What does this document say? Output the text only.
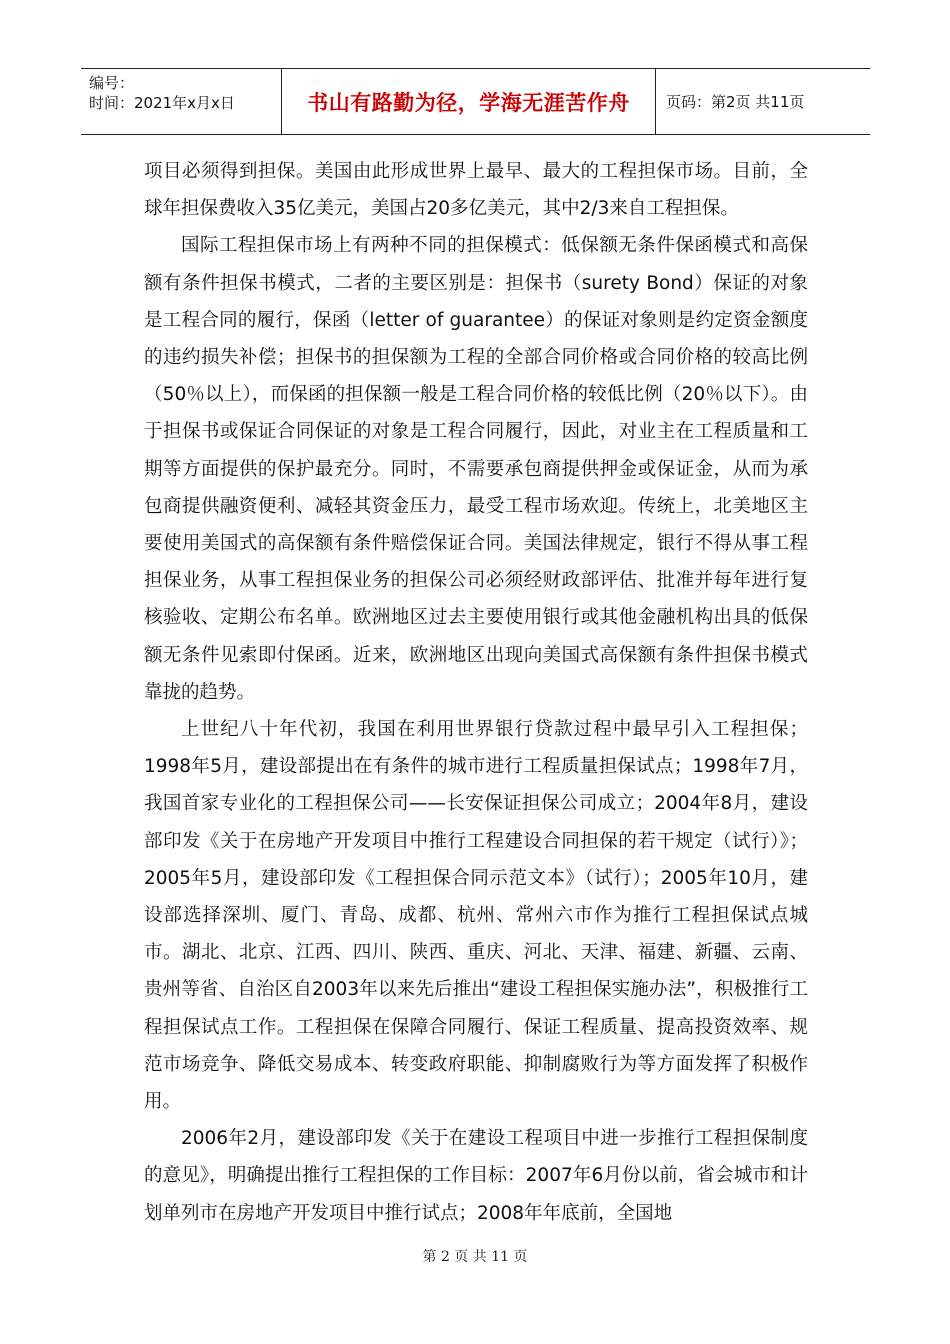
编号：
时间：2021年x月x日	书山有路勤为径，学海无涯苦作舟	页码：第2页 共11页

项目必须得到担保。美国由此形成世界上最早、最大的工程担保市场。目前，全球年担保费收入35亿美元，美国占20多亿美元，其中2/3来自工程担保。

国际工程担保市场上有两种不同的担保模式：低保额无条件保函模式和高保额有条件担保书模式，二者的主要区别是：担保书（surety Bond）保证的对象是工程合同的履行，保函（letter of guarantee）的保证对象则是约定资金额度的违约损失补偿；担保书的担保额为工程的全部合同价格或合同价格的较高比例（50％以上），而保函的担保额一般是工程合同价格的较低比例（20％以下）。由于担保书或保证合同保证的对象是工程合同履行，因此，对业主在工程质量和工期等方面提供的保护最充分。同时，不需要承包商提供押金或保证金，从而为承包商提供融资便利、减轻其资金压力，最受工程市场欢迎。传统上，北美地区主要使用美国式的高保额有条件赔偿保证合同。美国法律规定，银行不得从事工程担保业务，从事工程担保业务的担保公司必须经财政部评估、批准并每年进行复核验收、定期公布名单。欧洲地区过去主要使用银行或其他金融机构出具的低保额无条件见索即付保函。近来，欧洲地区出现向美国式高保额有条件担保书模式靠拢的趋势。

上世纪八十年代初，我国在利用世界银行贷款过程中最早引入工程担保；1998年5月，建设部提出在有条件的城市进行工程质量担保试点；1998年7月，我国首家专业化的工程担保公司——长安保证担保公司成立；2004年8月，建设部印发《关于在房地产开发项目中推行工程建设合同担保的若干规定（试行）》；2005年5月，建设部印发《工程担保合同示范文本》（试行）；2005年10月，建设部选择深圳、厦门、青岛、成都、杭州、常州六市作为推行工程担保试点城市。湖北、北京、江西、四川、陕西、重庆、河北、天津、福建、新疆、云南、贵州等省、自治区自2003年以来先后推出“建设工程担保实施办法”，积极推行工程担保试点工作。工程担保在保障合同履行、保证工程质量、提高投资效率、规范市场竞争、降低交易成本、转变政府职能、抑制腐败行为等方面发挥了积极作用。

2006年2月，建设部印发《关于在建设工程项目中进一步推行工程担保制度的意见》，明确提出推行工程担保的工作目标：2007年6月份以前，省会城市和计划单列市在房地产开发项目中推行试点；2008年年底前，全国地

第 2 页 共 11 页
